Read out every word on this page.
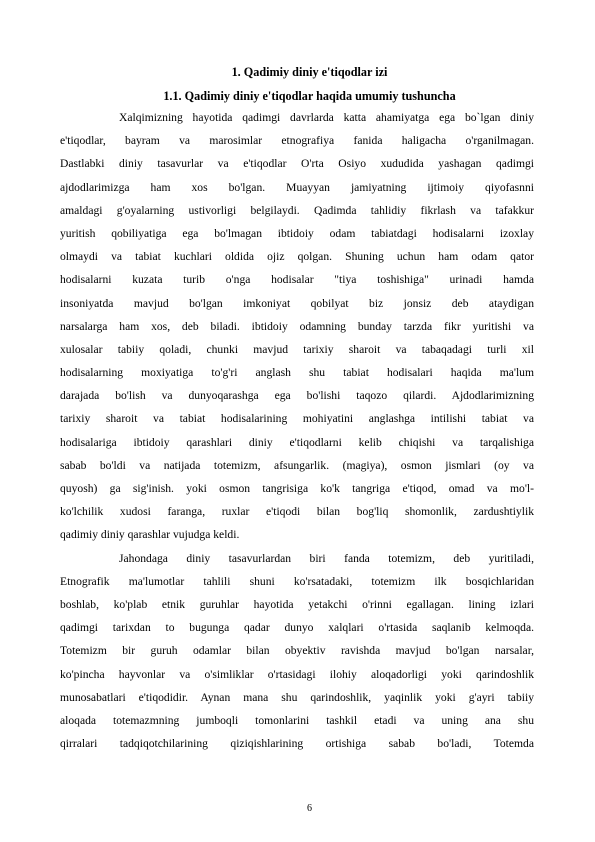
1. Qadimiy diniy e'tiqodlar izi
1.1. Qadimiy diniy e'tiqodlar haqida umumiy tushuncha
Xalqimizning hayotida qadimgi davrlarda katta ahamiyatga ega bo`lgan diniy
e'tiqodlar, bayram va marosimlar etnografiya fanida haligacha o'rganilmagan.
Dastlabki diniy tasavurlar va e'tiqodlar O'rta Osiyo xududida yashagan qadimgi
ajdodlarimizga ham xos bo'lgan. Muayyan jamiyatning ijtimoiy qiyofasnni
amaldagi g'oyalarning ustivorligi belgilaydi. Qadimda tahlidiy fikrlash va tafakkur
yuritish qobiliyatiga ega bo'lmagan ibtidoiy odam tabiatdagi hodisalarni izoxlay
olmaydi va tabiat kuchlari oldida ojiz qolgan. Shuning uchun ham odam qator
hodisalarni kuzata turib o'nga hodisalar "tiya toshishiga" urinadi hamda
insoniyatda mavjud bo'lgan imkoniyat qobilyat biz jonsiz deb ataydigan
narsalarga ham xos, deb biladi. ibtidoiy odamning bunday tarzda fikr yuritishi va
xulosalar tabiiy qoladi, chunki mavjud tarixiy sharoit va tabaqadagi turli xil
hodisalarning moxiyatiga to'g'ri anglash shu tabiat hodisalari haqida ma'lum
darajada bo'lish va dunyoqarashga ega bo'lishi taqozo qilardi. Ajdodlarimizning
tarixiy sharoit va tabiat hodisalarining mohiyatini anglashga intilishi tabiat va
hodisalariga ibtidoiy qarashlari diniy e'tiqodlarni kelib chiqishi va tarqalishiga
sabab bo'ldi va natijada totemizm, afsungarlik. (magiya), osmon jismlari (oy va
quyosh) ga sig'inish. yoki osmon tangrisiga ko'k tangriga e'tiqod, omad va mo'l-
ko'lchilik xudosi faranga, ruxlar e'tiqodi bilan bog'liq shomonlik, zardushtiylik
qadimiy diniy qarashlar vujudga keldi.
Jahondaga diniy tasavurlardan biri fanda totemizm, deb yuritiladi,
Etnografik ma'lumotlar tahlili shuni ko'rsatadaki, totemizm ilk bosqichlaridan
boshlab, ko'plab etnik guruhlar hayotida yetakchi o'rinni egallagan. lining izlari
qadimgi tarixdan to bugunga qadar dunyo xalqlari o'rtasida saqlanib kelmoqda.
Totemizm bir guruh odamlar bilan obyektiv ravishda mavjud bo'lgan narsalar,
ko'pincha hayvonlar va o'simliklar o'rtasidagi ilohiy aloqadorligi yoki qarindoshlik
munosabatlari e'tiqodidir. Aynan mana shu qarindoshlik, yaqinlik yoki g'ayri tabiiy
aloqada totemazmning jumboqli tomonlarini tashkil etadi va uning ana shu
qirralari tadqiqotchilarining qiziqishlarining ortishiga sabab bo'ladi, Totemda
6
